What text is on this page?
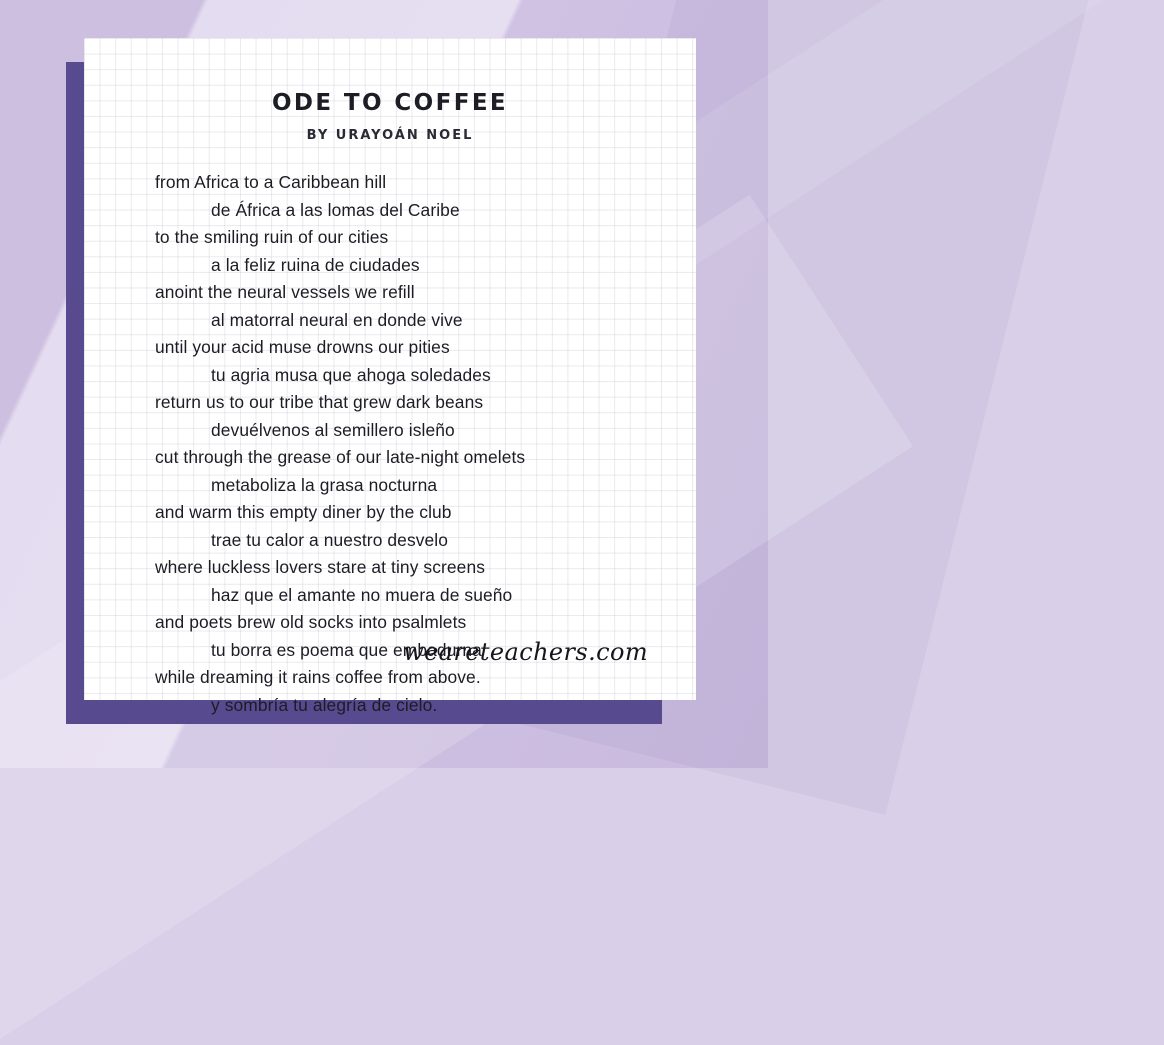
ODE TO COFFEE
BY URAYOÁN NOEL
from Africa to a Caribbean hill
de África a las lomas del Caribe
to the smiling ruin of our cities
a la feliz ruina de ciudades
anoint the neural vessels we refill
al matorral neural en donde vive
until your acid muse drowns our pities
tu agria musa que ahoga soledades
return us to our tribe that grew dark beans
devuélvenos al semillero isleño
cut through the grease of our late-night omelets
metaboliza la grasa nocturna
and warm this empty diner by the club
trae tu calor a nuestro desvelo
where luckless lovers stare at tiny screens
haz que el amante no muera de sueño
and poets brew old socks into psalmlets
tu borra es poema que embadurna
while dreaming it rains coffee from above.
y sombría tu alegría de cielo.
weareteachers.com
